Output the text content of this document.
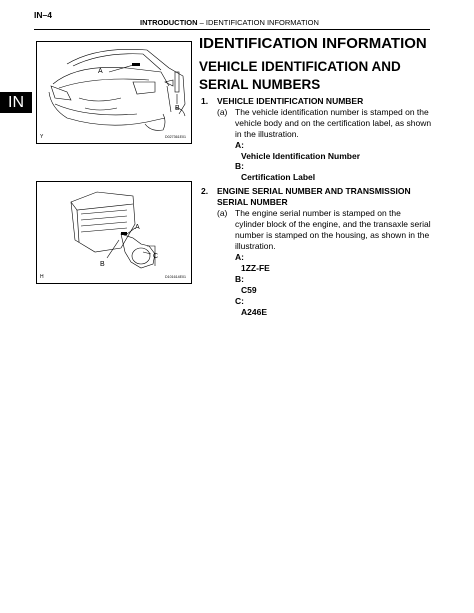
IN–4
INTRODUCTION – IDENTIFICATION INFORMATION
IN
A
B
Y	D027361E01
A
B
C
H	D101614E01
IDENTIFICATION INFORMATION
VEHICLE IDENTIFICATION AND
SERIAL NUMBERS
1. VEHICLE IDENTIFICATION NUMBER
(a) The vehicle identification number is stamped on the
vehicle body and on the certification label, as shown
in the illustration.
A:
Vehicle Identification Number
B:
Certification Label
2. ENGINE SERIAL NUMBER AND TRANSMISSION
SERIAL NUMBER
(a) The engine serial number is stamped on the
cylinder block of the engine, and the transaxle serial
number is stamped on the housing, as shown in the
illustration.
A:
1ZZ-FE
B:
C59
C:
A246E
